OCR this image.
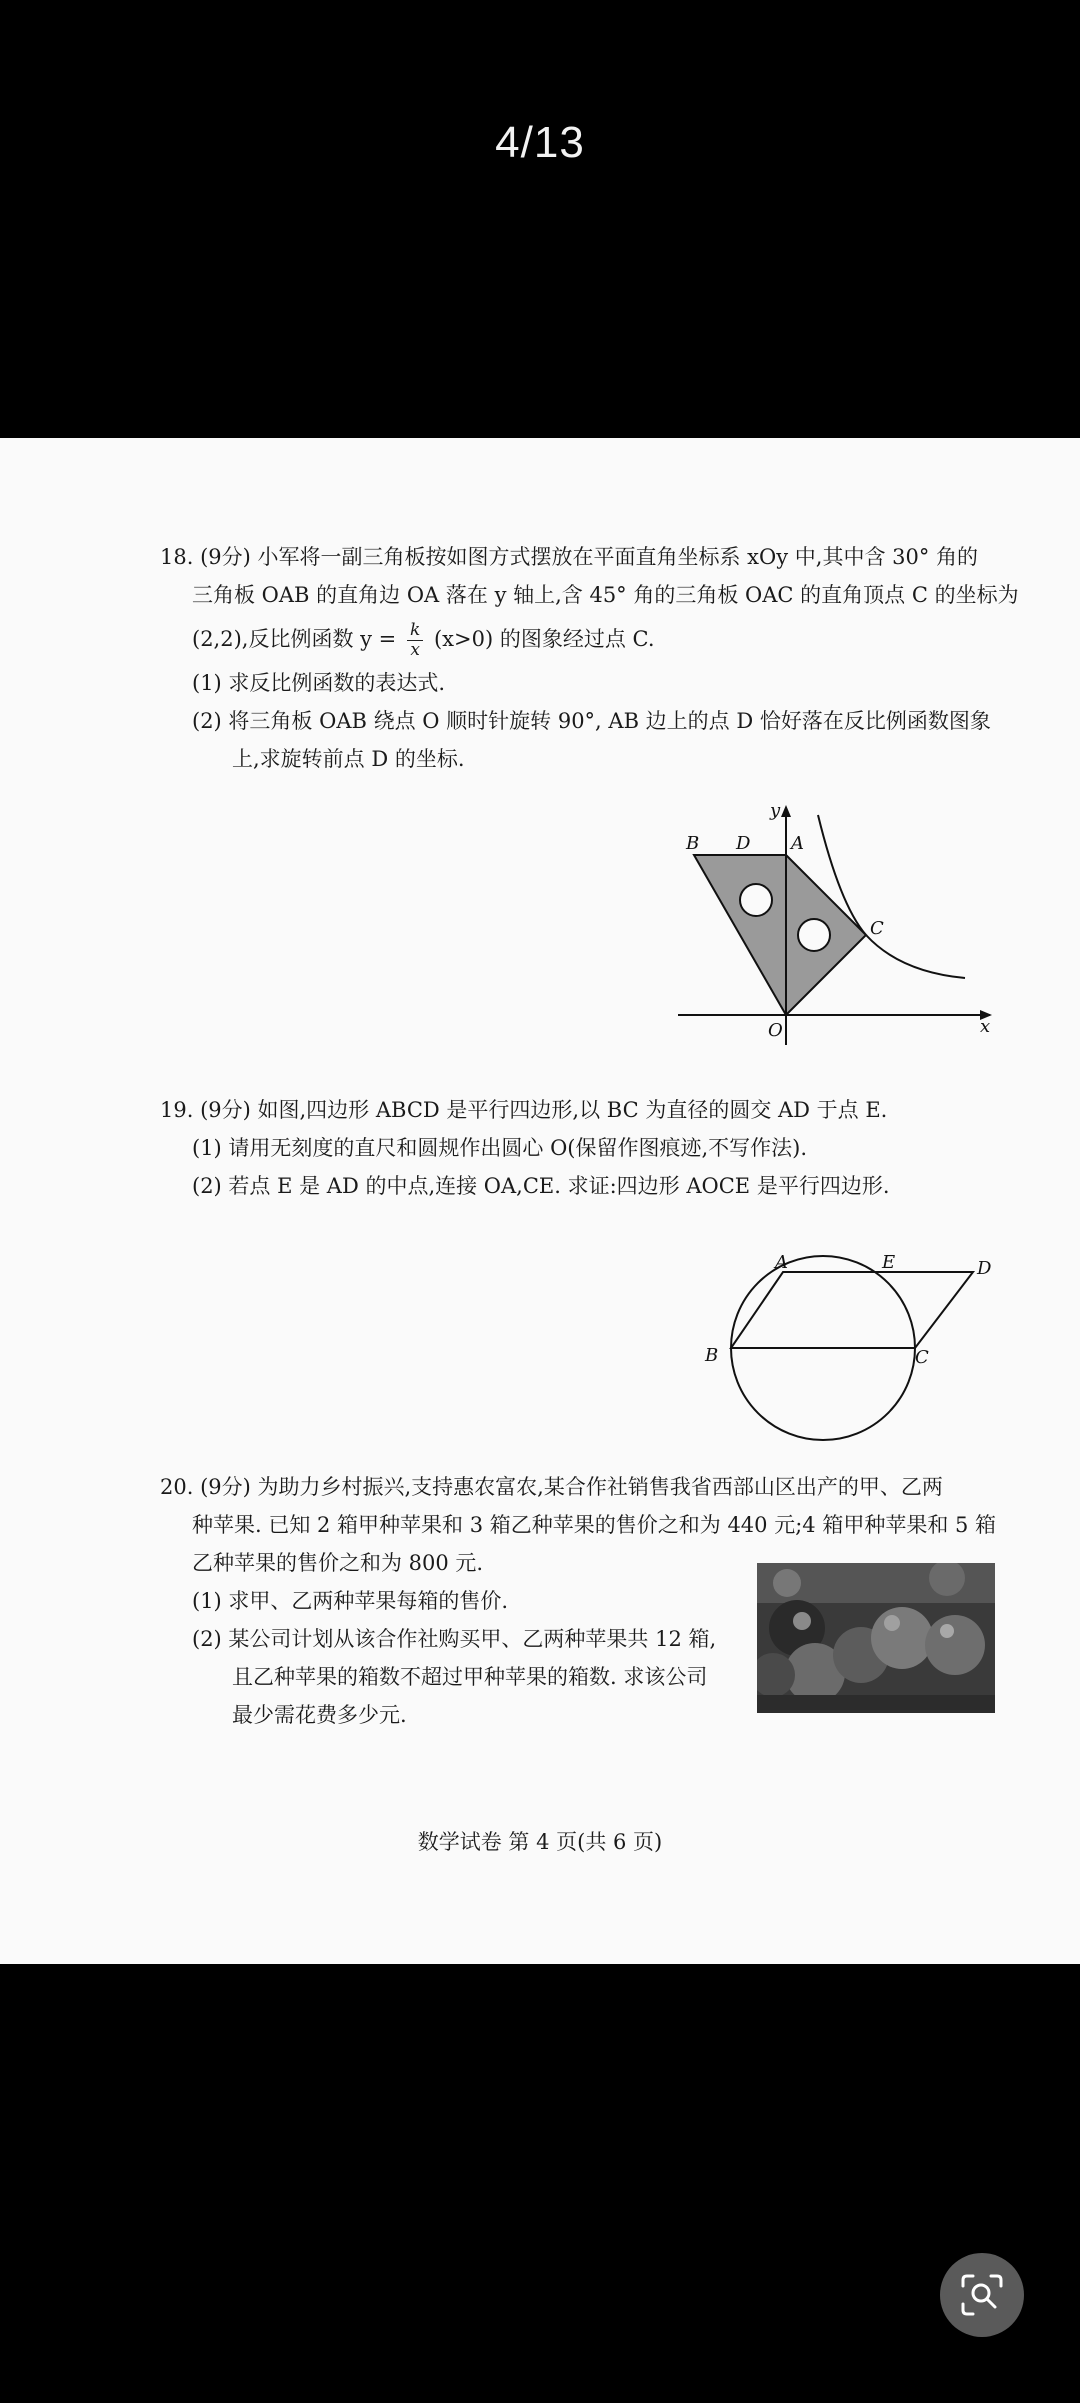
4/13

18. (9分) 小军将一副三角板按如图方式摆放在平面直角坐标系 xOy 中,其中含 30° 角的

三角板 OAB 的直角边 OA 落在 y 轴上,含 45° 角的三角板 OAC 的直角顶点 C 的坐标为

(2,2),反比例函数 $y = \frac{k}{x} (x>0)$ 的图象经过点 C.

(1) 求反比例函数的表达式.

(2) 将三角板 OAB 绕点 O 顺时针旋转 90°, AB 边上的点 D 恰好落在反比例函数图象

上,求旋转前点 D 的坐标.

B D A
y
C
O	x

19. (9分) 如图,四边形 ABCD 是平行四边形,以 BC 为直径的圆交 AD 于点 E.

(1) 请用无刻度的直尺和圆规作出圆心 O(保留作图痕迹,不写作法).

(2) 若点 E 是 AD 的中点,连接 OA,CE. 求证:四边形 AOCE 是平行四边形.

A	E	D
B	C

20. (9分) 为助力乡村振兴,支持惠农富农,某合作社销售我省西部山区出产的甲、乙两

种苹果. 已知 2 箱甲种苹果和 3 箱乙种苹果的售价之和为 440 元;4 箱甲种苹果和 5 箱

乙种苹果的售价之和为 800 元.

(1) 求甲、乙两种苹果每箱的售价.

(2) 某公司计划从该合作社购买甲、乙两种苹果共 12 箱,

且乙种苹果的箱数不超过甲种苹果的箱数. 求该公司

最少需花费多少元.

数学试卷 第 4 页(共 6 页)
